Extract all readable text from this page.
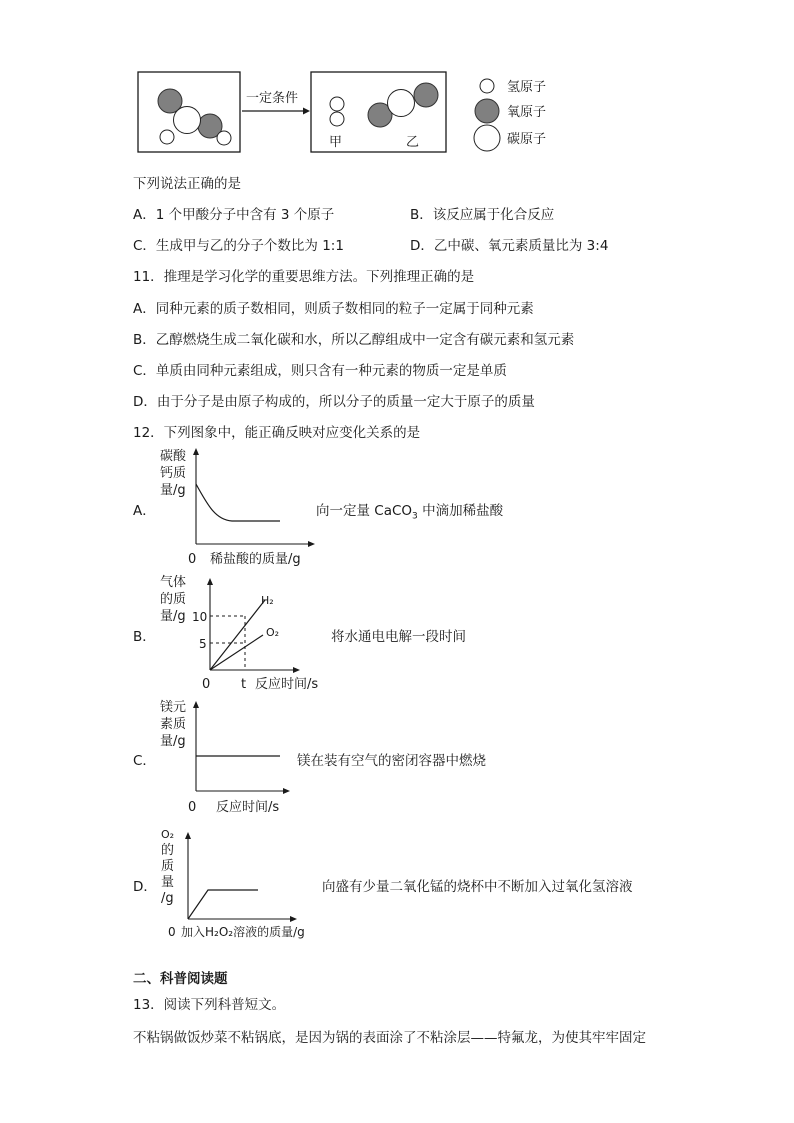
一定条件
甲	乙
氢原子
氧原子
碳原子
下列说法正确的是
A．1 个甲酸分子中含有 3 个原子	B．该反应属于化合反应
C．生成甲与乙的分子个数比为 1:1	D．乙中碳、氧元素质量比为 3:4
11．推理是学习化学的重要思维方法。下列推理正确的是
A．同种元素的质子数相同，则质子数相同的粒子一定属于同种元素
B．乙醇燃烧生成二氧化碳和水，所以乙醇组成中一定含有碳元素和氢元素
C．单质由同种元素组成，则只含有一种元素的物质一定是单质
D．由于分子是由原子构成的，所以分子的质量一定大于原子的质量
12．下列图象中，能正确反映对应变化关系的是
A．
碳酸
钙质
量/g
0 稀盐酸的质量/g
向一定量 CaCO$_3$ 中滴加稀盐酸
B．
气体
的质
量/g
H₂
O₂
10
5
0 t 反应时间/s
将水通电电解一段时间
C．
镁元
素质
量/g
0 反应时间/s
镁在装有空气的密闭容器中燃烧
D．
O₂
的
质
量
/g
0 加入H₂O₂溶液的质量/g
向盛有少量二氧化锰的烧杯中不断加入过氧化氢溶液
二、科普阅读题
13．阅读下列科普短文。
不粘锅做饭炒菜不粘锅底，是因为锅的表面涂了不粘涂层——特氟龙，为使其牢牢固定
